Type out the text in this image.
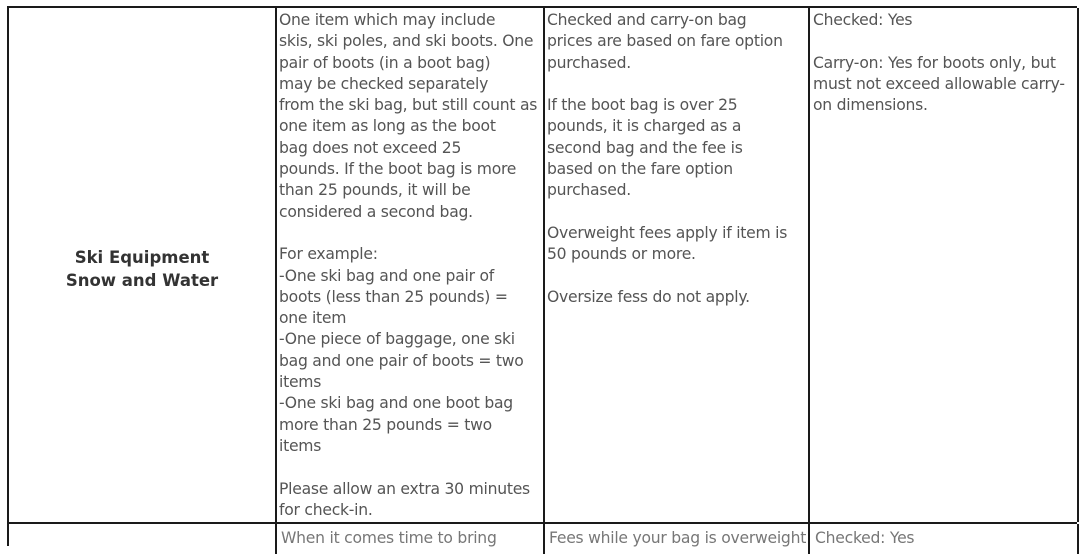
Ski Equipment
Snow and Water
One item which may include
skis, ski poles, and ski boots. One
pair of boots (in a boot bag)
may be checked separately
from the ski bag, but still count as
one item as long as the boot
bag does not exceed 25
pounds. If the boot bag is more
than 25 pounds, it will be
considered a second bag.
For example:
-One ski bag and one pair of
boots (less than 25 pounds) =
one item
-One piece of baggage, one ski
bag and one pair of boots = two
items
-One ski bag and one boot bag
more than 25 pounds = two
items
Please allow an extra 30 minutes
for check-in.
Checked and carry-on bag
prices are based on fare option
purchased.
If the boot bag is over 25
pounds, it is charged as a
second bag and the fee is
based on the fare option
purchased.
Overweight fees apply if item is
50 pounds or more.
Oversize fess do not apply.
Checked: Yes
Carry-on: Yes for boots only, but
must not exceed allowable carry-
on dimensions.
When it comes time to bring	Fees while your bag is overweight Checked: Yes
